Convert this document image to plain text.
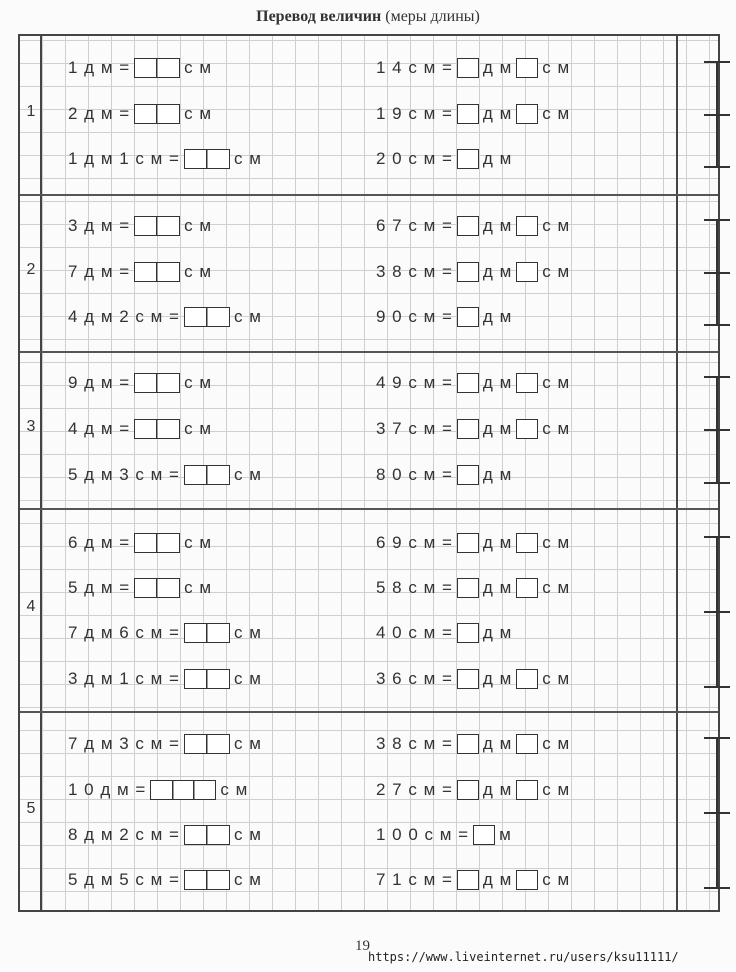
Перевод величин (меры длины)
1
1 д м =	с м
2 д м =	с м
1 д м 1 с м =	с м
1 4 с м = д м с м
1 9 с м = д м с м
2 0 с м = д м
2
3 д м =	с м
7 д м =	с м
4 д м 2 с м =	с м
6 7 с м = д м с м
3 8 с м = д м с м
9 0 с м = д м
3
9 д м =	с м
4 д м =	с м
5 д м 3 с м =	с м
4 9 с м = д м с м
3 7 с м = д м с м
8 0 с м = д м
4
6 д м =	с м
5 д м =	с м
7 д м 6 с м =	с м
3 д м 1 с м =	с м
6 9 с м = д м с м
5 8 с м = д м с м
4 0 с м = д м
3 6 с м = д м с м
5
7 д м 3 с м =	с м
1 0 д м =	с м
8 д м 2 с м =	с м
5 д м 5 с м =	с м
3 8 с м = д м с м
2 7 с м = д м с м
1 0 0 с м = м
7 1 с м = д м с м
19
https://www.liveinternet.ru/users/ksu11111/
